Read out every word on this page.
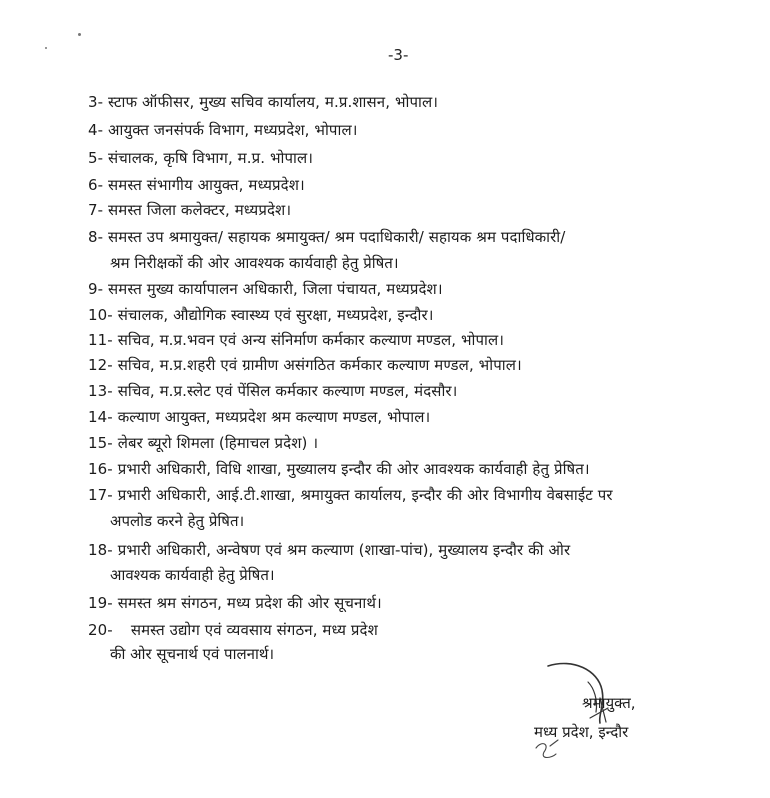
-3-
3- स्टाफ ऑफीसर, मुख्य सचिव कार्यालय, म.प्र.शासन, भोपाल।
4- आयुक्त जनसंपर्क विभाग, मध्यप्रदेश, भोपाल।
5- संचालक, कृषि विभाग, म.प्र. भोपाल।
6- समस्त संभागीय आयुक्त, मध्यप्रदेश।
7- समस्त जिला कलेक्टर, मध्यप्रदेश।
8- समस्त उप श्रमायुक्त/ सहायक श्रमायुक्त/ श्रम पदाधिकारी/ सहायक श्रम पदाधिकारी/
श्रम निरीक्षकों की ओर आवश्यक कार्यवाही हेतु प्रेषित।
9- समस्त मुख्य कार्यापालन अधिकारी, जिला पंचायत, मध्यप्रदेश।
10- संचालक, औद्योगिक स्वास्थ्य एवं सुरक्षा, मध्यप्रदेश, इन्दौर।
11- सचिव, म.प्र.भवन एवं अन्य संनिर्माण कर्मकार कल्याण मण्डल, भोपाल।
12- सचिव, म.प्र.शहरी एवं ग्रामीण असंगठित कर्मकार कल्याण मण्डल, भोपाल।
13- सचिव, म.प्र.स्लेट एवं पेंसिल कर्मकार कल्याण मण्डल, मंदसौर।
14- कल्याण आयुक्त, मध्यप्रदेश श्रम कल्याण मण्डल, भोपाल।
15- लेबर ब्यूरो शिमला (हिमाचल प्रदेश) ।
16- प्रभारी अधिकारी, विधि शाखा, मुख्यालय इन्दौर की ओर आवश्यक कार्यवाही हेतु प्रेषित।
17- प्रभारी अधिकारी, आई.टी.शाखा, श्रमायुक्त कार्यालय, इन्दौर की ओर विभागीय वेबसाईट पर
अपलोड करने हेतु प्रेषित।
18- प्रभारी अधिकारी, अन्वेषण एवं श्रम कल्याण (शाखा-पांच), मुख्यालय इन्दौर की ओर
आवश्यक कार्यवाही हेतु प्रेषित।
19- समस्त श्रम संगठन, मध्य प्रदेश की ओर सूचनार्थ।
20- समस्त उद्योग एवं व्यवसाय संगठन, मध्य प्रदेश
की ओर सूचनार्थ एवं पालनार्थ।
श्रमायुक्त,
मध्य प्रदेश, इन्दौर
